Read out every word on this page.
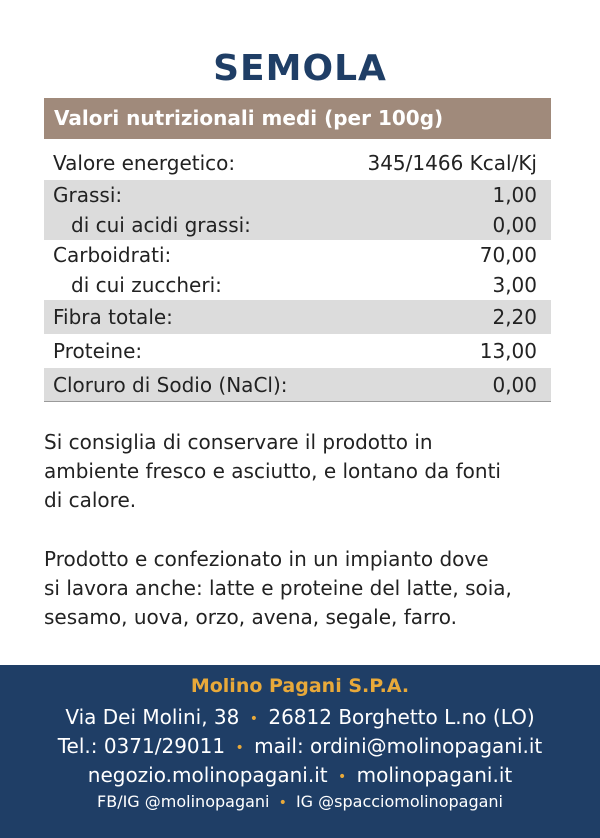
SEMOLA
Valori nutrizionali medi (per 100g)
Valore energetico:	345/1466 Kcal/Kj
Grassi:	1,00
di cui acidi grassi:	0,00
Carboidrati:	70,00
di cui zuccheri:	3,00
Fibra totale:	2,20
Proteine:	13,00
Cloruro di Sodio (NaCl):	0,00
Si consiglia di conservare il prodotto in
ambiente fresco e asciutto, e lontano da fonti
di calore.
Prodotto e confezionato in un impianto dove
si lavora anche: latte e proteine del latte, soia,
sesamo, uova, orzo, avena, segale, farro.
Molino Pagani S.P.A.
Via Dei Molini, 38 • 26812 Borghetto L.no (LO)
Tel.: 0371/29011 • mail: ordini@molinopagani.it
negozio.molinopagani.it • molinopagani.it
FB/IG @molinopagani • IG @spacciomolinopagani
